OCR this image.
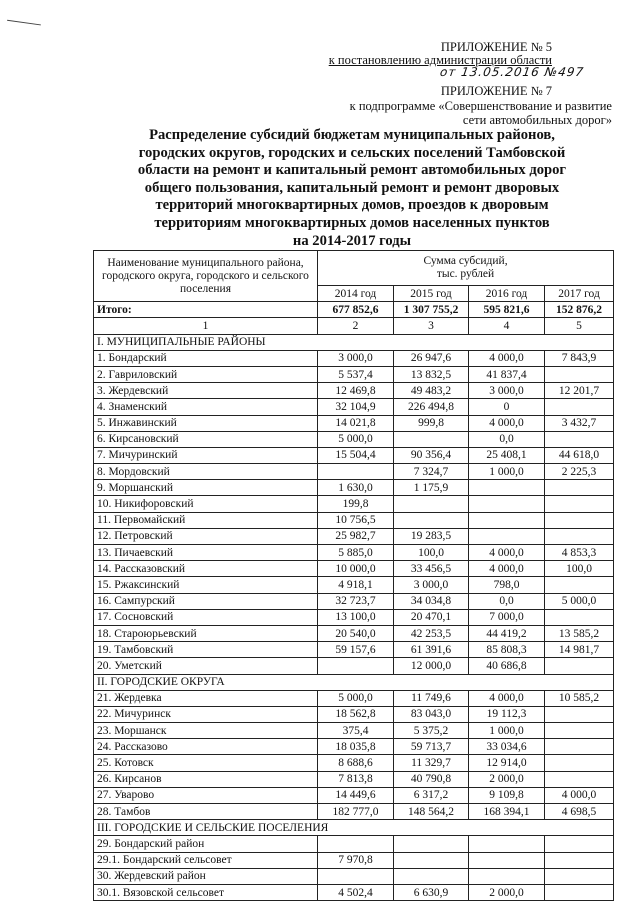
ПРИЛОЖЕНИЕ № 5
к постановлению администрации области
от 13.05.2016 №497
ПРИЛОЖЕНИЕ № 7
к подпрограмме «Совершенствование и развитие
сети автомобильных дорог»
Распределение субсидий бюджетам муниципальных районов,
городских округов, городских и сельских поселений Тамбовской
области на ремонт и капитальный ремонт автомобильных дорог
общего пользования, капитальный ремонт и ремонт дворовых
территорий многоквартирных домов, проездов к дворовым
территориям многоквартирных домов населенных пунктов
на 2014-2017 годы
Наименование муниципального района, городского округа, городского и сельского поселения	Сумма субсидий,
тыс. рублей			
	2014 год	2015 год	2016 год	2017 год
Итого:	677 852,6	1 307 755,2	595 821,6	152 876,2
1	2	3	4	5
I. МУНИЦИПАЛЬНЫЕ РАЙОНЫ				
1. Бондарский	3 000,0	26 947,6	4 000,0	7 843,9
2. Гавриловский	5 537,4	13 832,5	41 837,4	
3. Жердевский	12 469,8	49 483,2	3 000,0	12 201,7
4. Знаменский	32 104,9	226 494,8	0	
5. Инжавинский	14 021,8	999,8	4 000,0	3 432,7
6. Кирсановский	5 000,0		0,0	
7. Мичуринский	15 504,4	90 356,4	25 408,1	44 618,0
8. Мордовский		7 324,7	1 000,0	2 225,3
9. Моршанский	1 630,0	1 175,9		
10. Никифоровский	199,8			
11. Первомайский	10 756,5			
12. Петровский	25 982,7	19 283,5		
13. Пичаевский	5 885,0	100,0	4 000,0	4 853,3
14. Рассказовский	10 000,0	33 456,5	4 000,0	100,0
15. Ржаксинский	4 918,1	3 000,0	798,0	
16. Сампурский	32 723,7	34 034,8	0,0	5 000,0
17. Сосновский	13 100,0	20 470,1	7 000,0	
18. Староюрьевский	20 540,0	42 253,5	44 419,2	13 585,2
19. Тамбовский	59 157,6	61 391,6	85 808,3	14 981,7
20. Уметский		12 000,0	40 686,8	
II. ГОРОДСКИЕ ОКРУГА				
21. Жердевка	5 000,0	11 749,6	4 000,0	10 585,2
22. Мичуринск	18 562,8	83 043,0	19 112,3	
23. Моршанск	375,4	5 375,2	1 000,0	
24. Рассказово	18 035,8	59 713,7	33 034,6	
25. Котовск	8 688,6	11 329,7	12 914,0	
26. Кирсанов	7 813,8	40 790,8	2 000,0	
27. Уварово	14 449,6	6 317,2	9 109,8	4 000,0
28. Тамбов	182 777,0	148 564,2	168 394,1	4 698,5
III. ГОРОДСКИЕ И СЕЛЬСКИЕ ПОСЕЛЕНИЯ				
29. Бондарский район				
29.1. Бондарский сельсовет	7 970,8			
30. Жердевский район				
30.1. Вязовской сельсовет	4 502,4	6 630,9	2 000,0	
